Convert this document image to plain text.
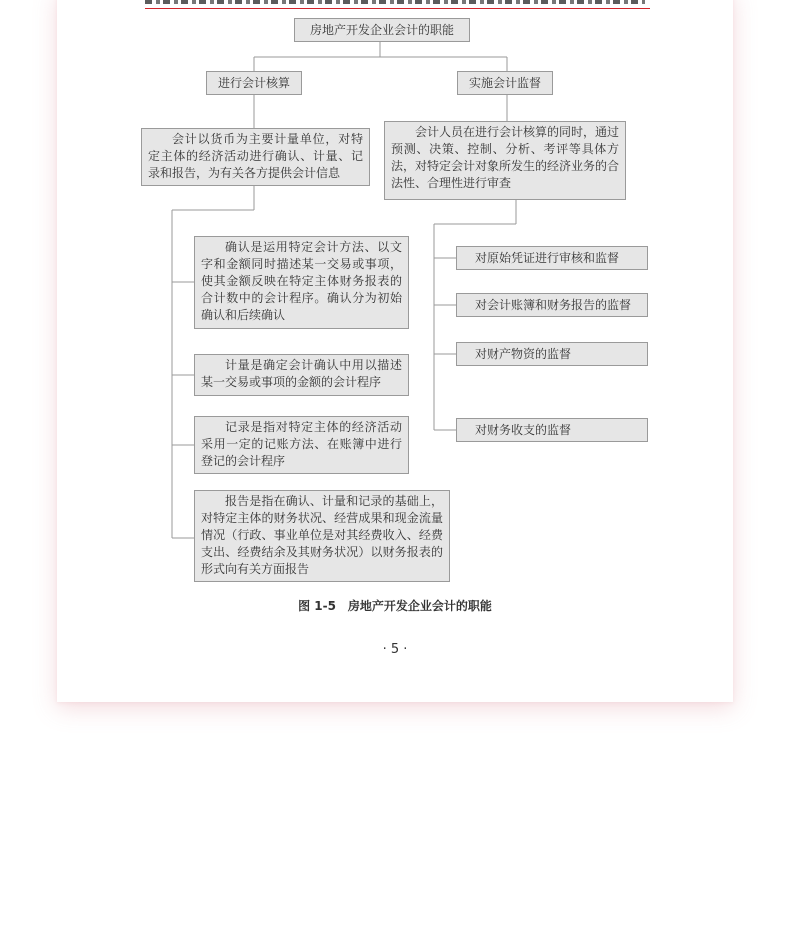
房地产开发企业会计的职能
进行会计核算	实施会计监督
会计以货币为主要计量单位，对特定主体的经济活动进行确认、计量、记录和报告，为有关各方提供会计信息
会计人员在进行会计核算的同时，通过预测、决策、控制、分析、考评等具体方法，对特定会计对象所发生的经济业务的合法性、合理性进行审查
确认是运用特定会计方法、以文字和金额同时描述某一交易或事项，使其金额反映在特定主体财务报表的合计数中的会计程序。确认分为初始确认和后续确认
计量是确定会计确认中用以描述某一交易或事项的金额的会计程序
记录是指对特定主体的经济活动采用一定的记账方法、在账簿中进行登记的会计程序
报告是指在确认、计量和记录的基础上，对特定主体的财务状况、经营成果和现金流量情况（行政、事业单位是对其经费收入、经费支出、经费结余及其财务状况）以财务报表的形式向有关方面报告
对原始凭证进行审核和监督
对会计账簿和财务报告的监督
对财产物资的监督
对财务收支的监督
图 1-5 房地产开发企业会计的职能
· 5 ·
